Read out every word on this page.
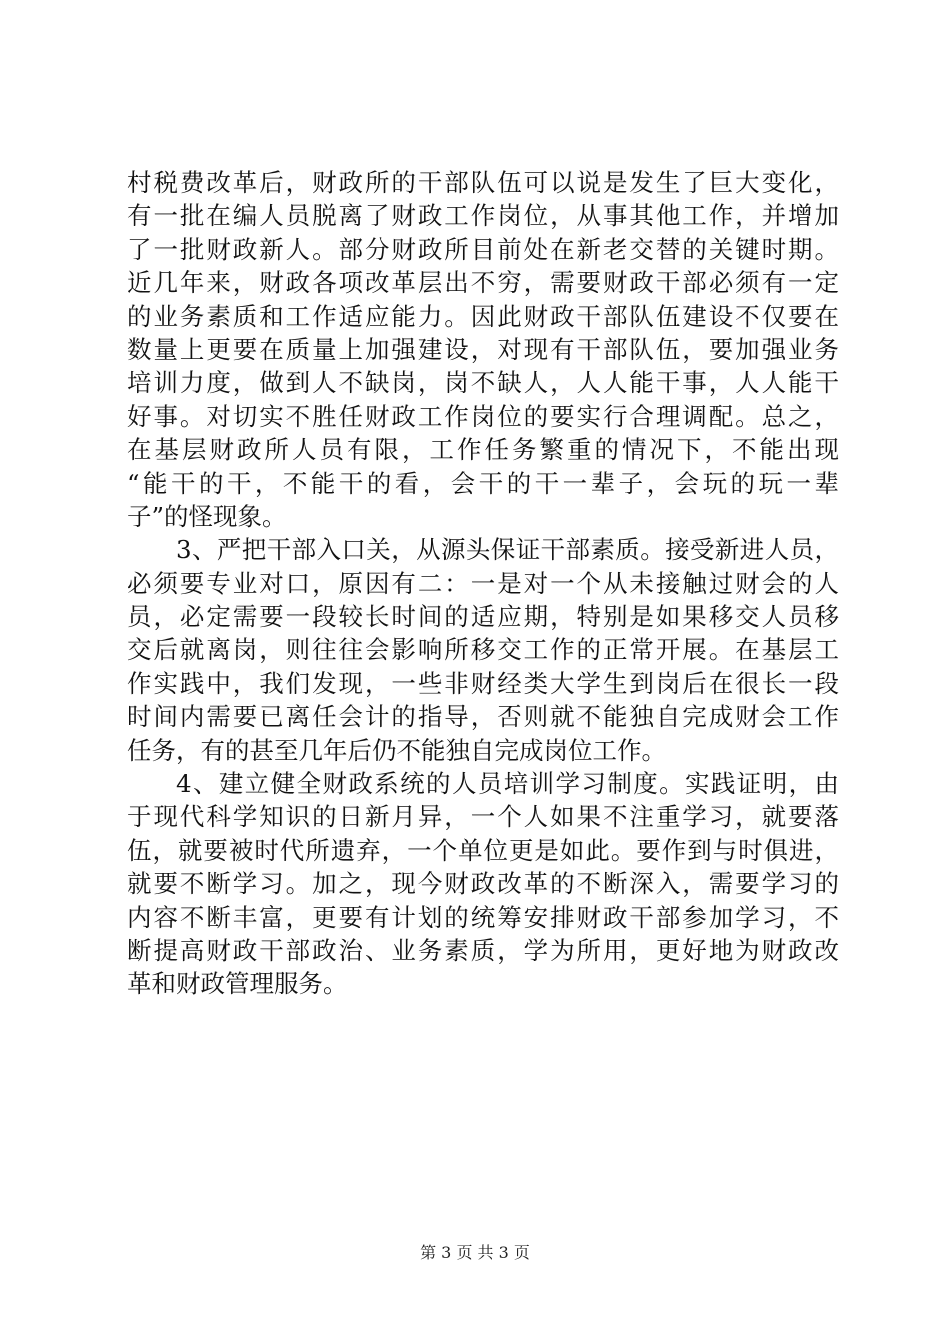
村税费改革后，财政所的干部队伍可以说是发生了巨大变化，
有一批在编人员脱离了财政工作岗位，从事其他工作，并增加
了一批财政新人。部分财政所目前处在新老交替的关键时期。
近几年来，财政各项改革层出不穷，需要财政干部必须有一定
的业务素质和工作适应能力。因此财政干部队伍建设不仅要在
数量上更要在质量上加强建设，对现有干部队伍，要加强业务
培训力度，做到人不缺岗，岗不缺人，人人能干事，人人能干
好事。对切实不胜任财政工作岗位的要实行合理调配。总之，
在基层财政所人员有限，工作任务繁重的情况下，不能出现
“能干的干，不能干的看，会干的干一辈子，会玩的玩一辈
子”的怪现象。
3、严把干部入口关，从源头保证干部素质。接受新进人员，
必须要专业对口，原因有二：一是对一个从未接触过财会的人
员，必定需要一段较长时间的适应期，特别是如果移交人员移
交后就离岗，则往往会影响所移交工作的正常开展。在基层工
作实践中，我们发现，一些非财经类大学生到岗后在很长一段
时间内需要已离任会计的指导，否则就不能独自完成财会工作
任务，有的甚至几年后仍不能独自完成岗位工作。
4、建立健全财政系统的人员培训学习制度。实践证明，由
于现代科学知识的日新月异，一个人如果不注重学习，就要落
伍，就要被时代所遗弃，一个单位更是如此。要作到与时俱进，
就要不断学习。加之，现今财政改革的不断深入，需要学习的
内容不断丰富，更要有计划的统筹安排财政干部参加学习，不
断提高财政干部政治、业务素质，学为所用，更好地为财政改
革和财政管理服务。
第 3 页 共 3 页
